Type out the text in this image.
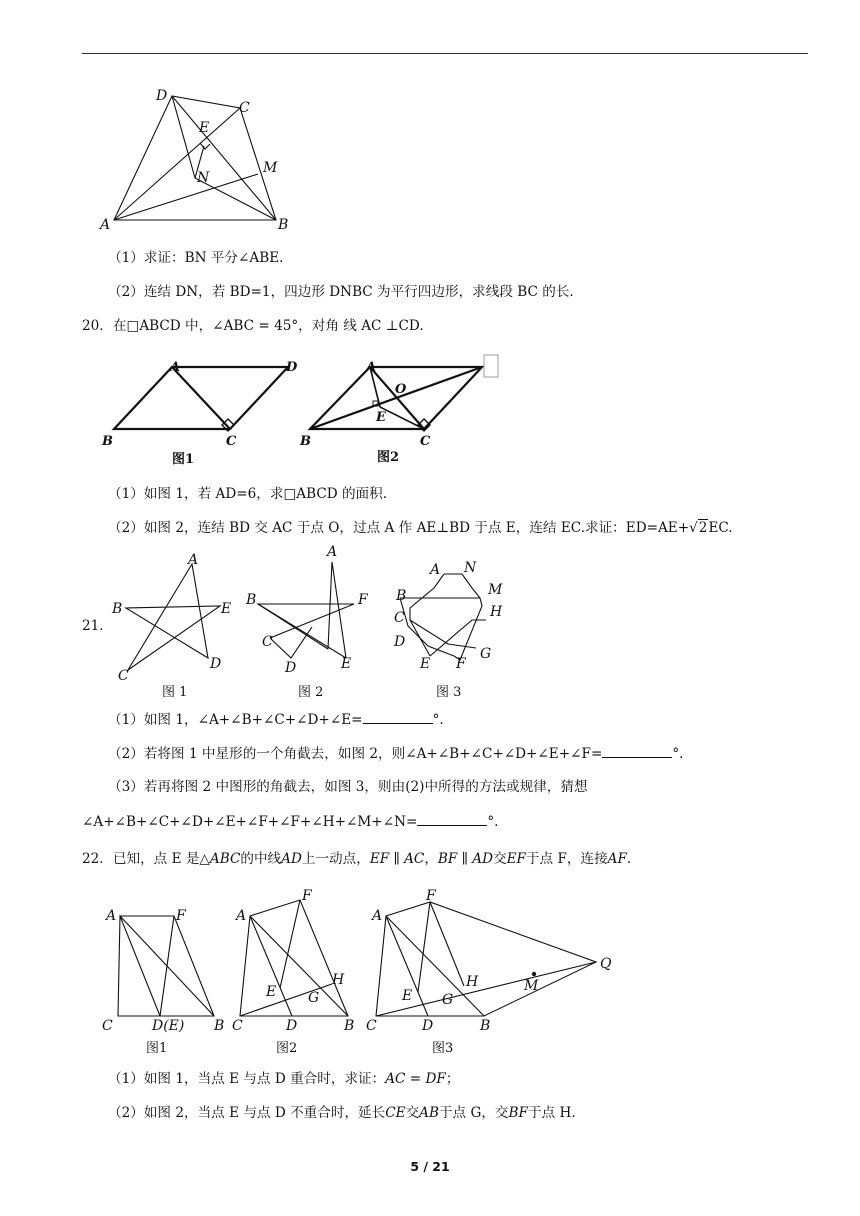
D
C
E
M
N
A	B
（1）求证：BN 平分∠ABE.
（2）连结 DN，若 BD=1，四边形 DNBC 为平行四边形，求线段 BC 的长.
20．在□ABCD 中，∠ABC = 45°，对角 线 AC ⊥CD.
B
A	D
C
图1
B
A
O
E
C
图2
（1）如图 1，若 AD=6，求□ABCD 的面积.
（2）如图 2，连结 BD 交 AC 于点 O，过点 A 作 AE⊥BD 于点 E，连结 EC.求证：ED=AE+√2EC.
21．
A
B	E
C
D
图 1
A
B	F
C
D	E
图 2
A N
B	M
C	H
D
G
E F
图 3
（1）如图 1，∠A+∠B+∠C+∠D+∠E=	°.
（2）若将图 1 中星形的一个角截去，如图 2，则∠A+∠B+∠C+∠D+∠E+∠F=	°.
（3）若再将图 2 中图形的角截去，如图 3，则由(2)中所得的方法或规律，猜想
∠A+∠B+∠C+∠D+∠E+∠F+∠F+∠H+∠M+∠N=	°.
22．已知，点 E 是△ABC的中线AD上一动点，EF ∥ AC，BF ∥ AD交EF于点 F，连接AF.
A	F
C	D(E) B
图1
A
F
H
E G
C	D	B
图2
A
F
H
Q
E G
M
C	D	B
图3
（1）如图 1，当点 E 与点 D 重合时，求证：AC = DF；
（2）如图 2，当点 E 与点 D 不重合时，延长CE交AB于点 G，交BF于点 H.
5 / 21
